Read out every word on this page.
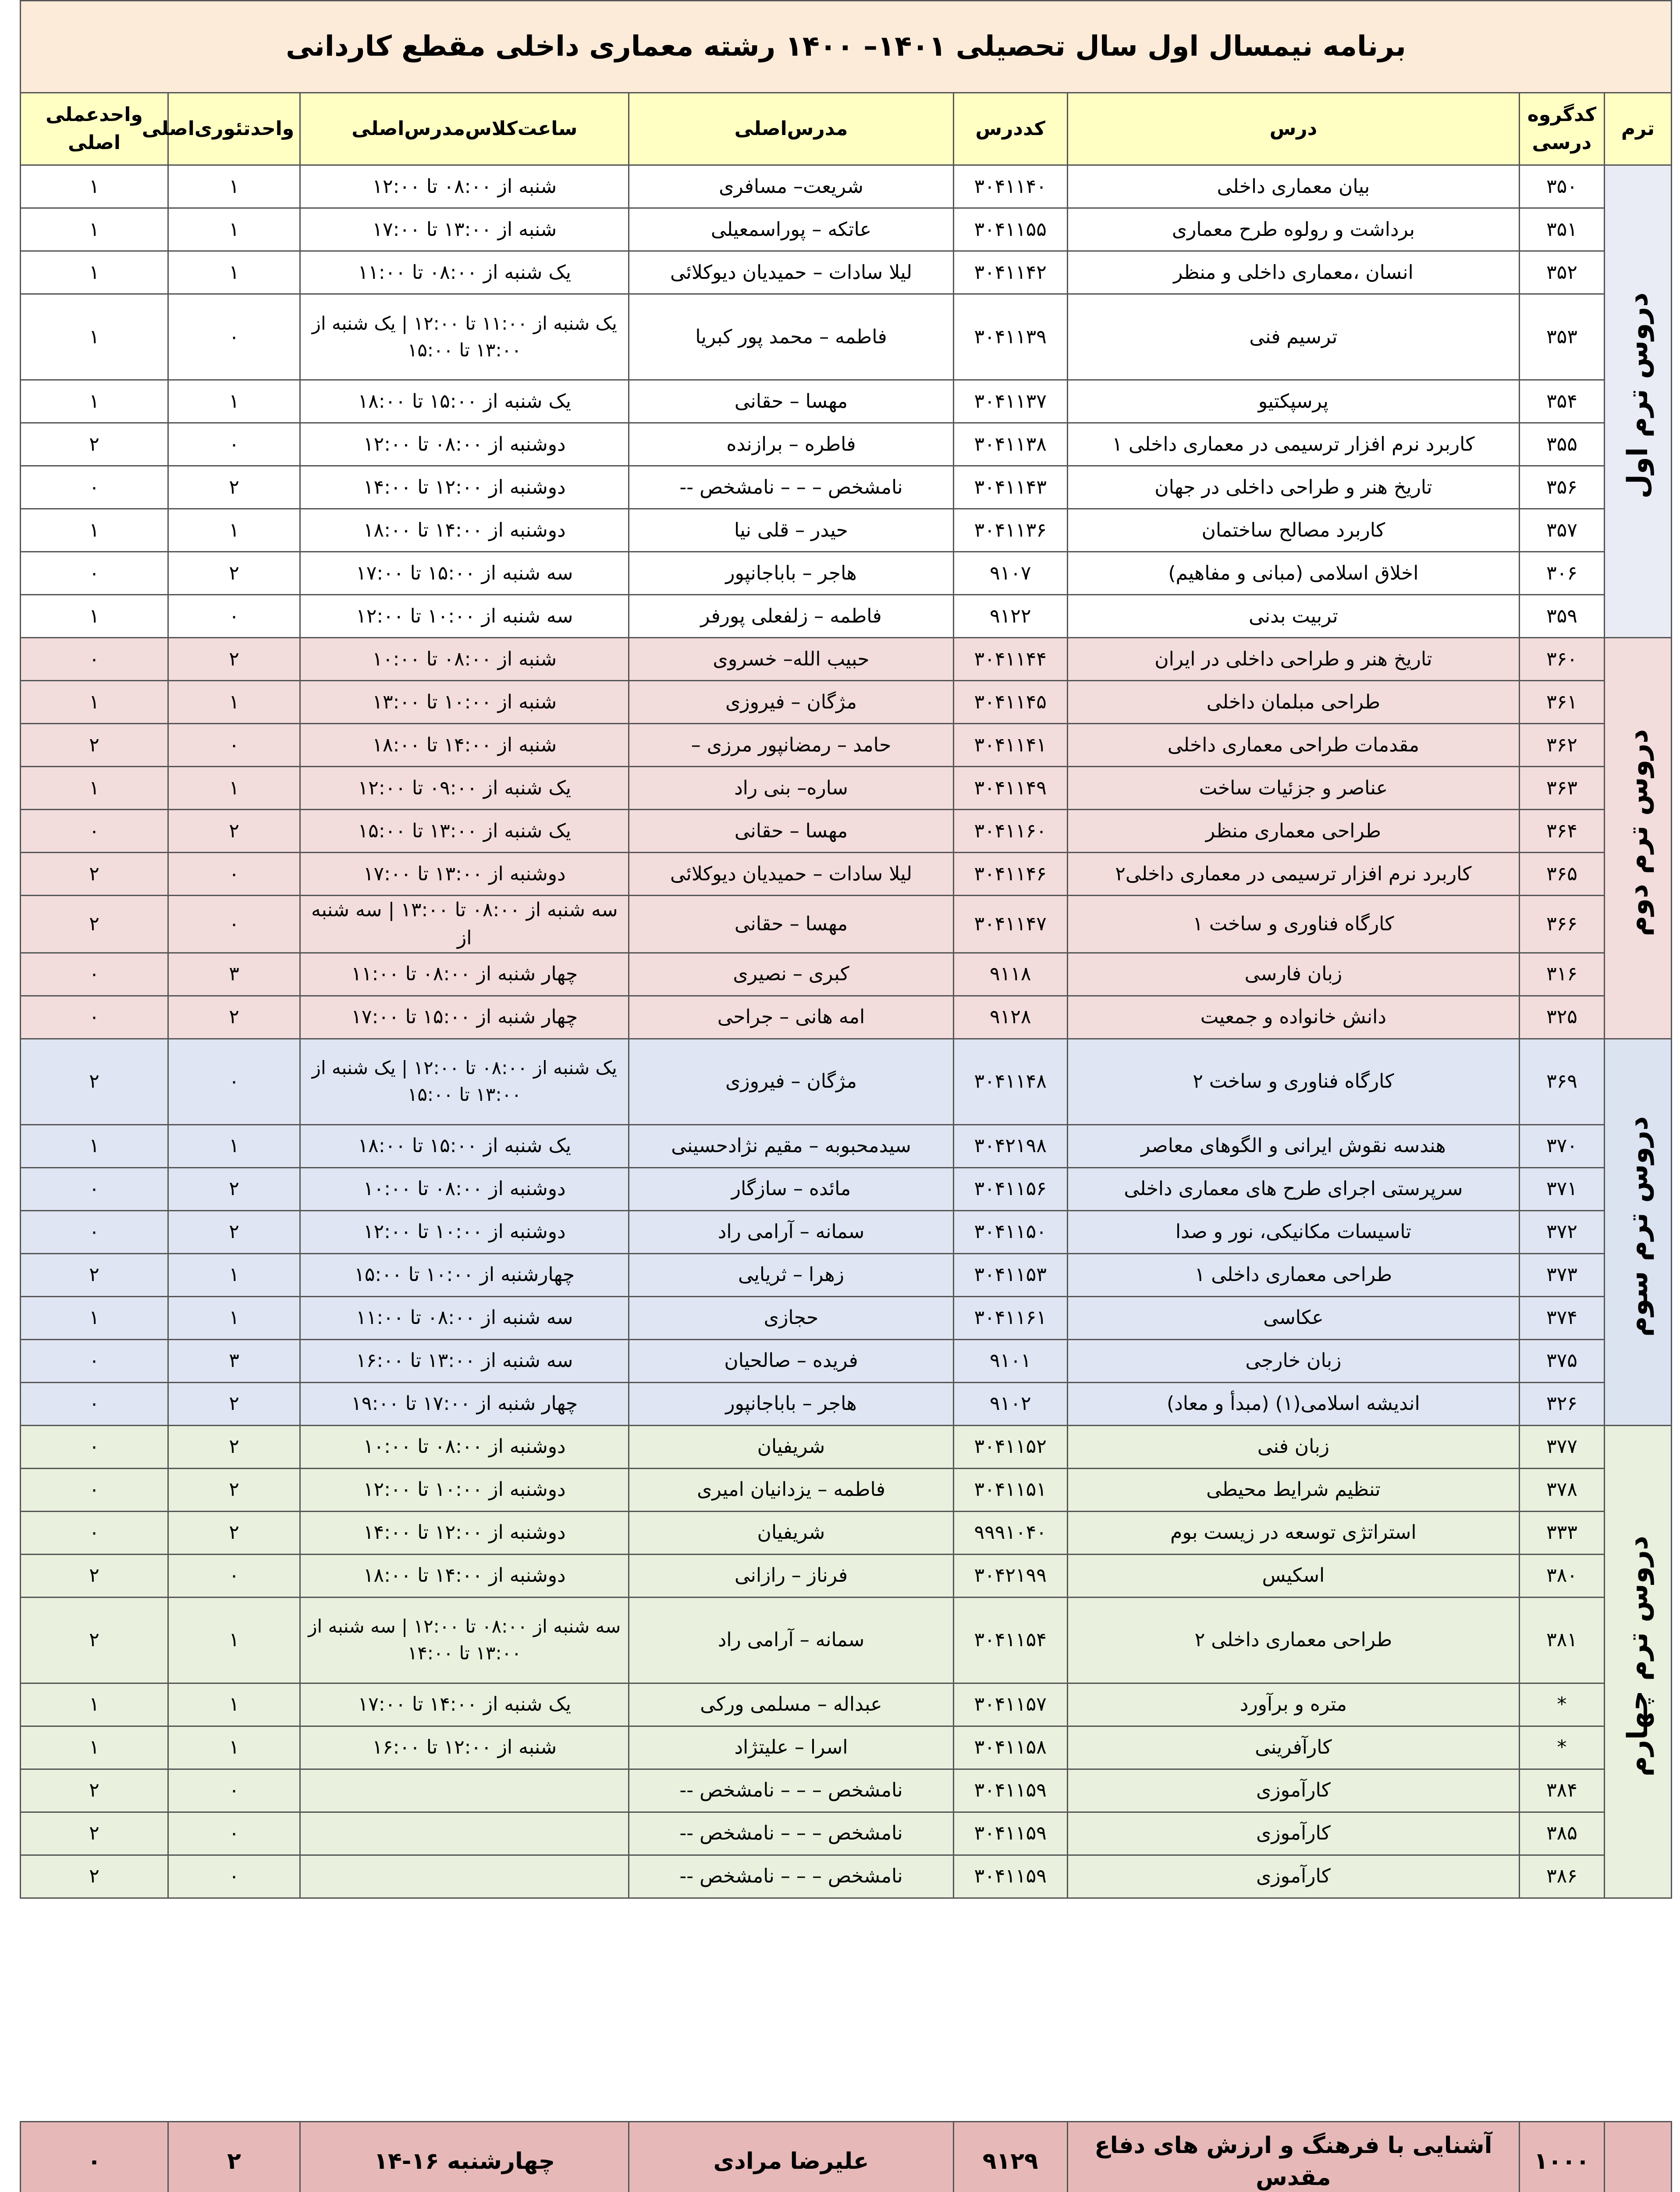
برنامه نیمسال اول سال تحصیلی ۱۴۰۱– ۱۴۰۰ رشته معماری داخلی مقطع کاردانی							
ترم	کدگروه درسی	درس	کددرس	مدرس‌اصلی	ساعت‌کلاس‌مدرس‌اصلی	واحدتئوری‌اصلی	واحدعملی اصلی
دروس ترم اول	۳۵۰	بیان معماری داخلی	۳۰۴۱۱۴۰	شریعت– مسافری	شنبه از ۰۸:۰۰ تا ۱۲:۰۰	۱	۱
	۳۵۱	برداشت و رولوه طرح معماری	۳۰۴۱۱۵۵	عاتکه – پوراسمعیلی	شنبه از ۱۳:۰۰ تا ۱۷:۰۰	۱	۱
	۳۵۲	انسان ،معماری داخلی و منظر	۳۰۴۱۱۴۲	لیلا سادات – حمیدیان دیوکلائی	یک شنبه از ۰۸:۰۰ تا ۱۱:۰۰	۱	۱
	۳۵۳	ترسیم فنی	۳۰۴۱۱۳۹	فاطمه – محمد پور کبریا	یک شنبه از ۱۱:۰۰ تا ۱۲:۰۰ | یک شنبه از ۱۳:۰۰ تا ۱۵:۰۰	۰	۱
	۳۵۴	پرسپکتیو	۳۰۴۱۱۳۷	مهسا – حقانی	یک شنبه از ۱۵:۰۰ تا ۱۸:۰۰	۱	۱
	۳۵۵	کاربرد نرم افزار ترسیمی در معماری داخلی ۱	۳۰۴۱۱۳۸	فاطره – برازنده	دوشنبه از ۰۸:۰۰ تا ۱۲:۰۰	۰	۲
	۳۵۶	تاریخ هنر و طراحی داخلی در جهان	۳۰۴۱۱۴۳	نامشخص – – – نامشخص --	دوشنبه از ۱۲:۰۰ تا ۱۴:۰۰	۲	۰
	۳۵۷	کاربرد مصالح ساختمان	۳۰۴۱۱۳۶	حیدر – قلی نیا	دوشنبه از ۱۴:۰۰ تا ۱۸:۰۰	۱	۱
	۳۰۶	اخلاق اسلامی (مبانی و مفاهیم)	۹۱۰۷	هاجر – باباجانپور	سه شنبه از ۱۵:۰۰ تا ۱۷:۰۰	۲	۰
	۳۵۹	تربیت بدنی	۹۱۲۲	فاطمه – زلفعلی پورفر	سه شنبه از ۱۰:۰۰ تا ۱۲:۰۰	۰	۱
دروس ترم دوم	۳۶۰	تاریخ هنر و طراحی داخلی در ایران	۳۰۴۱۱۴۴	حبیب الله– خسروی	شنبه از ۰۸:۰۰ تا ۱۰:۰۰	۲	۰
	۳۶۱	طراحی مبلمان داخلی	۳۰۴۱۱۴۵	مژگان – فیروزی	شنبه از ۱۰:۰۰ تا ۱۳:۰۰	۱	۱
	۳۶۲	مقدمات طراحی معماری داخلی	۳۰۴۱۱۴۱	حامد – رمضانپور مرزی –	شنبه از ۱۴:۰۰ تا ۱۸:۰۰	۰	۲
	۳۶۳	عناصر و جزئیات ساخت	۳۰۴۱۱۴۹	ساره– بنی راد	یک شنبه از ۰۹:۰۰ تا ۱۲:۰۰	۱	۱
	۳۶۴	طراحی معماری منظر	۳۰۴۱۱۶۰	مهسا – حقانی	یک شنبه از ۱۳:۰۰ تا ۱۵:۰۰	۲	۰
	۳۶۵	کاربرد نرم افزار ترسیمی در معماری داخلی۲	۳۰۴۱۱۴۶	لیلا سادات – حمیدیان دیوکلائی	دوشنبه از ۱۳:۰۰ تا ۱۷:۰۰	۰	۲
	۳۶۶	کارگاه فناوری و ساخت ۱	۳۰۴۱۱۴۷	مهسا – حقانی	سه شنبه از ۰۸:۰۰ تا ۱۳:۰۰ | سه شنبه از	۰	۲
	۳۱۶	زبان فارسی	۹۱۱۸	کبری – نصیری	چهار شنبه از ۰۸:۰۰ تا ۱۱:۰۰	۳	۰
	۳۲۵	دانش خانواده و جمعیت	۹۱۲۸	امه هانی – جراحی	چهار شنبه از ۱۵:۰۰ تا ۱۷:۰۰	۲	۰
دروس ترم سوم	۳۶۹	کارگاه فناوری و ساخت ۲	۳۰۴۱۱۴۸	مژگان – فیروزی	یک شنبه از ۰۸:۰۰ تا ۱۲:۰۰ | یک شنبه از ۱۳:۰۰ تا ۱۵:۰۰	۰	۲
	۳۷۰	هندسه نقوش ایرانی و الگوهای معاصر	۳۰۴۲۱۹۸	سیدمحبوبه – مقیم نژادحسینی	یک شنبه از ۱۵:۰۰ تا ۱۸:۰۰	۱	۱
	۳۷۱	سرپرستی اجرای طرح های معماری داخلی	۳۰۴۱۱۵۶	مائده – سازگار	دوشنبه از ۰۸:۰۰ تا ۱۰:۰۰	۲	۰
	۳۷۲	تاسیسات مکانیکی، نور و صدا	۳۰۴۱۱۵۰	سمانه – آرامی راد	دوشنبه از ۱۰:۰۰ تا ۱۲:۰۰	۲	۰
	۳۷۳	طراحی معماری داخلی ۱	۳۰۴۱۱۵۳	زهرا – ثریایی	چهارشنبه از ۱۰:۰۰ تا ۱۵:۰۰	۱	۲
	۳۷۴	عکاسی	۳۰۴۱۱۶۱	حجازی	سه شنبه از ۰۸:۰۰ تا ۱۱:۰۰	۱	۱
	۳۷۵	زبان خارجی	۹۱۰۱	فریده – صالحیان	سه شنبه از ۱۳:۰۰ تا ۱۶:۰۰	۳	۰
	۳۲۶	اندیشه اسلامی(۱) (مبدأ و معاد)	۹۱۰۲	هاجر – باباجانپور	چهار شنبه از ۱۷:۰۰ تا ۱۹:۰۰	۲	۰
دروس ترم چهارم	۳۷۷	زبان فنی	۳۰۴۱۱۵۲	شریفیان	دوشنبه از ۰۸:۰۰ تا ۱۰:۰۰	۲	۰
	۳۷۸	تنظیم شرایط محیطی	۳۰۴۱۱۵۱	فاطمه – یزدانیان امیری	دوشنبه از ۱۰:۰۰ تا ۱۲:۰۰	۲	۰
	۳۳۳	استراتژی توسعه در زیست بوم	۹۹۹۱۰۴۰	شریفیان	دوشنبه از ۱۲:۰۰ تا ۱۴:۰۰	۲	۰
	۳۸۰	اسکیس	۳۰۴۲۱۹۹	فرناز – رازانی	دوشنبه از ۱۴:۰۰ تا ۱۸:۰۰	۰	۲
	۳۸۱	طراحی معماری داخلی ۲	۳۰۴۱۱۵۴	سمانه – آرامی راد	سه شنبه از ۰۸:۰۰ تا ۱۲:۰۰ | سه شنبه از ۱۳:۰۰ تا ۱۴:۰۰	۱	۲
	*	متره و برآورد	۳۰۴۱۱۵۷	عبداله – مسلمی ورکی	یک شنبه از ۱۴:۰۰ تا ۱۷:۰۰	۱	۱
	*	کارآفرینی	۳۰۴۱۱۵۸	اسرا – علیتژاد	شنبه از ۱۲:۰۰ تا ۱۶:۰۰	۱	۱
	۳۸۴	کارآموزی	۳۰۴۱۱۵۹	نامشخص – – – نامشخص --		۰	۲
	۳۸۵	کارآموزی	۳۰۴۱۱۵۹	نامشخص – – – نامشخص --		۰	۲
	۳۸۶	کارآموزی	۳۰۴۱۱۵۹	نامشخص – – – نامشخص --		۰	۲
	۱۰۰۰	آشنایی با فرهنگ و ارزش های دفاع مقدس	۹۱۲۹	علیرضا مرادی	چهارشنبه ۱۶-۱۴	۲	۰
